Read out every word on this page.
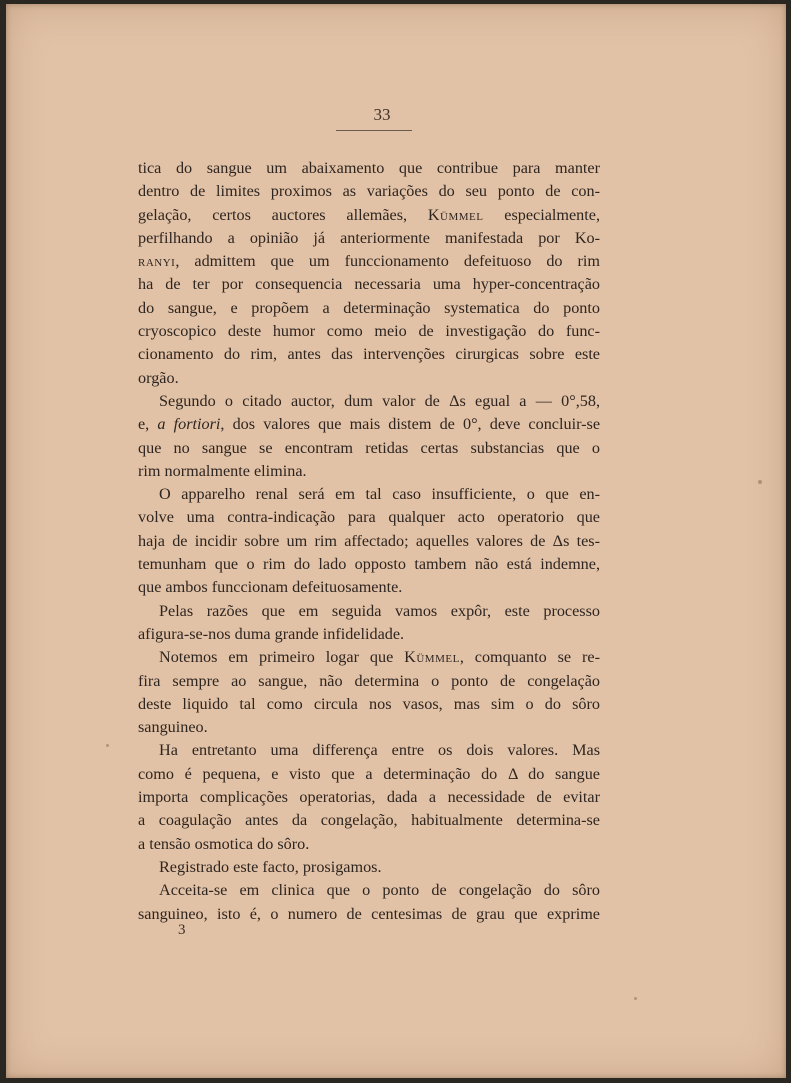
33
tica do sangue um abaixamento que contribue para manter
dentro de limites proximos as variações do seu ponto de con-
gelação, certos auctores allemães, Kümmel especialmente,
perfilhando a opinião já anteriormente manifestada por Ko-
ranyi, admittem que um funccionamento defeituoso do rim
ha de ter por consequencia necessaria uma hyper-concentração
do sangue, e propõem a determinação systematica do ponto
cryoscopico deste humor como meio de investigação do func-
cionamento do rim, antes das intervenções cirurgicas sobre este
orgão.
Segundo o citado auctor, dum valor de Δs egual a — 0°,58,
e, a fortiori, dos valores que mais distem de 0°, deve concluir-se
que no sangue se encontram retidas certas substancias que o
rim normalmente elimina.
O apparelho renal será em tal caso insufficiente, o que en-
volve uma contra-indicação para qualquer acto operatorio que
haja de incidir sobre um rim affectado; aquelles valores de Δs tes-
temunham que o rim do lado opposto tambem não está indemne,
que ambos funccionam defeituosamente.
Pelas razões que em seguida vamos expôr, este processo
afigura-se-nos duma grande infidelidade.
Notemos em primeiro logar que Kümmel, comquanto se re-
fira sempre ao sangue, não determina o ponto de congelação
deste liquido tal como circula nos vasos, mas sim o do sôro
sanguineo.
Ha entretanto uma differença entre os dois valores. Mas
como é pequena, e visto que a determinação do Δ do sangue
importa complicações operatorias, dada a necessidade de evitar
a coagulação antes da congelação, habitualmente determina-se
a tensão osmotica do sôro.
Registrado este facto, prosigamos.
Acceita-se em clinica que o ponto de congelação do sôro
sanguineo, isto é, o numero de centesimas de grau que exprime
3
